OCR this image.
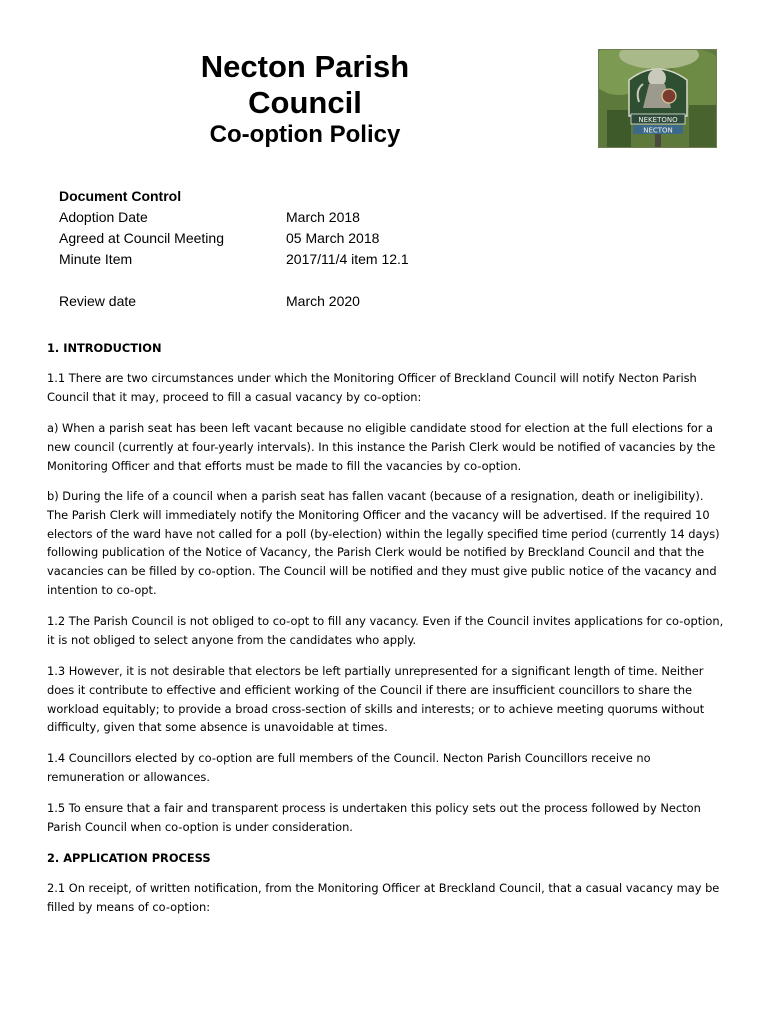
Necton Parish
Council
Co-option Policy
NEKETONO
NECTON
Document Control
Adoption Date	March 2018
Agreed at Council Meeting	05 March 2018
Minute Item	2017/11/4 item 12.1
Review date	March 2020

1. INTRODUCTION

1.1 There are two circumstances under which the Monitoring Officer of Breckland Council will notify Necton Parish Council that it may, proceed to fill a casual vacancy by co-option:

a) When a parish seat has been left vacant because no eligible candidate stood for election at the full elections for a new council (currently at four-yearly intervals). In this instance the Parish Clerk would be notified of vacancies by the Monitoring Officer and that efforts must be made to fill the vacancies by co-option.

b) During the life of a council when a parish seat has fallen vacant (because of a resignation, death or ineligibility). The Parish Clerk will immediately notify the Monitoring Officer and the vacancy will be advertised. If the required 10 electors of the ward have not called for a poll (by-election) within the legally specified time period (currently 14 days) following publication of the Notice of Vacancy, the Parish Clerk would be notified by Breckland Council and that the vacancies can be filled by co-option. The Council will be notified and they must give public notice of the vacancy and intention to co-opt.

1.2 The Parish Council is not obliged to co-opt to fill any vacancy. Even if the Council invites applications for co-option, it is not obliged to select anyone from the candidates who apply.

1.3 However, it is not desirable that electors be left partially unrepresented for a significant length of time. Neither does it contribute to effective and efficient working of the Council if there are insufficient councillors to share the workload equitably; to provide a broad cross-section of skills and interests; or to achieve meeting quorums without difficulty, given that some absence is unavoidable at times.

1.4 Councillors elected by co-option are full members of the Council. Necton Parish Councillors receive no remuneration or allowances.

1.5 To ensure that a fair and transparent process is undertaken this policy sets out the process followed by Necton Parish Council when co-option is under consideration.

2. APPLICATION PROCESS

2.1 On receipt, of written notification, from the Monitoring Officer at Breckland Council, that a casual vacancy may be filled by means of co-option:
